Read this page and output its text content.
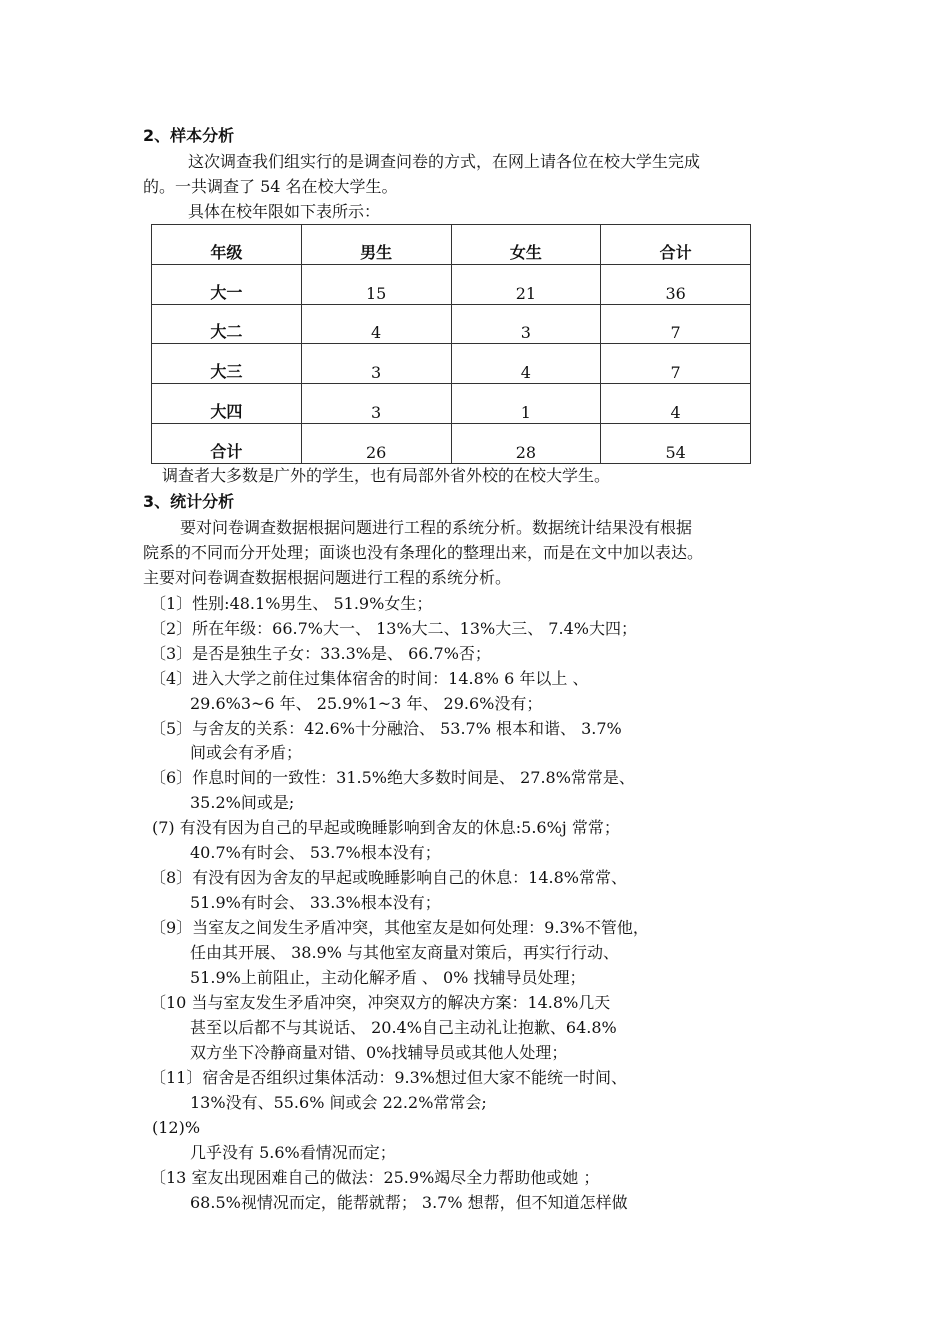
2、样本分析
这次调查我们组实行的是调查问卷的方式，在网上请各位在校大学生完成
的。一共调查了 54 名在校大学生。
具体在校年限如下表所示：
年级	男生	女生	合计
大一	15	21	36
大二	4	3	7
大三	3	4	7
大四	3	1	4
合计	26	28	54
调查者大多数是广外的学生，也有局部外省外校的在校大学生。
3、统计分析
要对问卷调查数据根据问题进行工程的系统分析。数据统计结果没有根据
院系的不同而分开处理；面谈也没有条理化的整理出来，而是在文中加以表达。
主要对问卷调查数据根据问题进行工程的系统分析。
〔1〕性别:48.1%男生、 51.9%女生；
〔2〕所在年级：66.7%大一、 13%大二、13%大三、 7.4%大四；
〔3〕是否是独生子女：33.3%是、 66.7%否；
〔4〕进入大学之前住过集体宿舍的时间：14.8% 6 年以上 、
29.6%3~6 年、 25.9%1~3 年、 29.6%没有；
〔5〕与舍友的关系：42.6%十分融洽、 53.7% 根本和谐、 3.7%
间或会有矛盾；
〔6〕作息时间的一致性：31.5%绝大多数时间是、 27.8%常常是、
35.2%间或是;
(7) 有没有因为自己的早起或晚睡影响到舍友的休息:5.6%j 常常；
40.7%有时会、 53.7%根本没有；
〔8〕有没有因为舍友的早起或晚睡影响自己的休息：14.8%常常、
51.9%有时会、 33.3%根本没有；
〔9〕当室友之间发生矛盾冲突，其他室友是如何处理：9.3%不管他，
任由其开展、 38.9% 与其他室友商量对策后，再实行行动、
51.9%上前阻止，主动化解矛盾 、 0% 找辅导员处理；
〔10 当与室友发生矛盾冲突，冲突双方的解决方案：14.8%几天
甚至以后都不与其说话、 20.4%自己主动礼让抱歉、64.8%
双方坐下冷静商量对错、0%找辅导员或其他人处理；
〔11〕宿舍是否组织过集体活动：9.3%想过但大家不能统一时间、
13%没有、55.6% 间或会 22.2%常常会;
(12)%
几乎没有 5.6%看情况而定；
〔13 室友出现困难自己的做法：25.9%竭尽全力帮助他或她 ；
68.5%视情况而定，能帮就帮； 3.7% 想帮，但不知道怎样做
